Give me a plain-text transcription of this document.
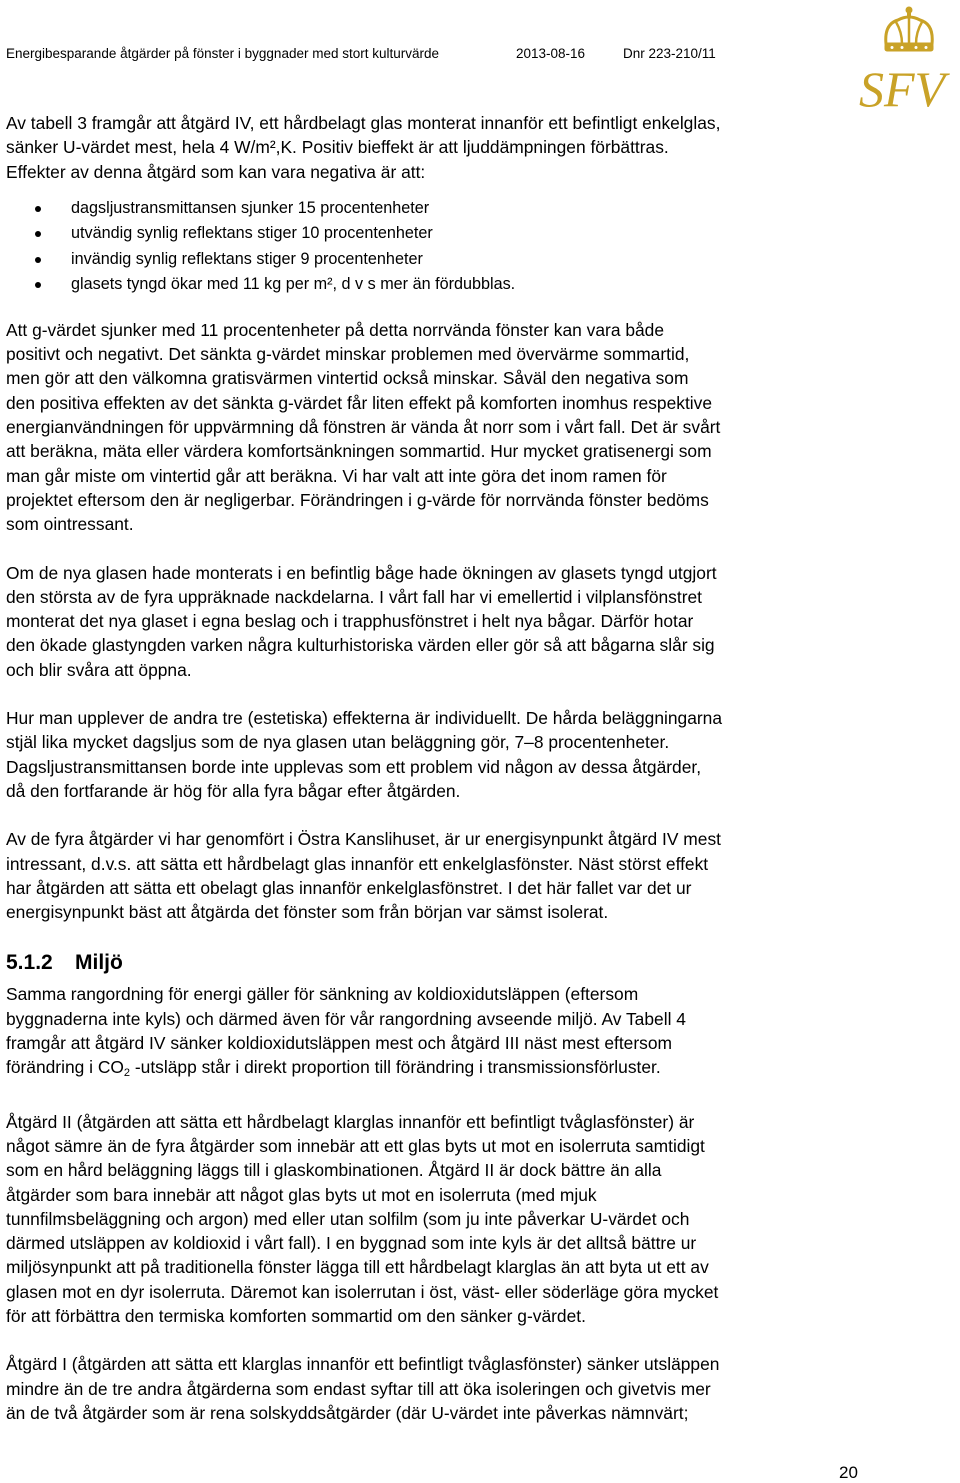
Energibesparande åtgärder på fönster i byggnader med stort kulturvärde	2013-08-16	Dnr 223-210/11
SFV

Av tabell 3 framgår att åtgärd IV, ett hårdbelagt glas monterat innanför ett befintligt enkelglas,
sänker U-värdet mest, hela 4 W/m²,K. Positiv bieffekt är att ljuddämpningen förbättras.
Effekter av denna åtgärd som kan vara negativa är att:

dagsljustransmittansen sjunker 15 procentenheter
utvändig synlig reflektans stiger 10 procentenheter
invändig synlig reflektans stiger 9 procentenheter
glasets tyngd ökar med 11 kg per m², d v s mer än fördubblas.

Att g-värdet sjunker med 11 procentenheter på detta norrvända fönster kan vara både
positivt och negativt. Det sänkta g-värdet minskar problemen med övervärme sommartid,
men gör att den välkomna gratisvärmen vintertid också minskar. Såväl den negativa som
den positiva effekten av det sänkta g-värdet får liten effekt på komforten inomhus respektive
energianvändningen för uppvärmning då fönstren är vända åt norr som i vårt fall. Det är svårt
att beräkna, mäta eller värdera komfortsänkningen sommartid. Hur mycket gratisenergi som
man går miste om vintertid går att beräkna. Vi har valt att inte göra det inom ramen för
projektet eftersom den är negligerbar. Förändringen i g-värde för norrvända fönster bedöms
som ointressant.

Om de nya glasen hade monterats i en befintlig båge hade ökningen av glasets tyngd utgjort
den största av de fyra uppräknade nackdelarna. I vårt fall har vi emellertid i vilplansfönstret
monterat det nya glaset i egna beslag och i trapphusfönstret i helt nya bågar. Därför hotar
den ökade glastyngden varken några kulturhistoriska värden eller gör så att bågarna slår sig
och blir svåra att öppna.

Hur man upplever de andra tre (estetiska) effekterna är individuellt. De hårda beläggningarna
stjäl lika mycket dagsljus som de nya glasen utan beläggning gör, 7–8 procentenheter.
Dagsljustransmittansen borde inte upplevas som ett problem vid någon av dessa åtgärder,
då den fortfarande är hög för alla fyra bågar efter åtgärden.

Av de fyra åtgärder vi har genomfört i Östra Kanslihuset, är ur energisynpunkt åtgärd IV mest
intressant, d.v.s. att sätta ett hårdbelagt glas innanför ett enkelglasfönster. Näst störst effekt
har åtgärden att sätta ett obelagt glas innanför enkelglasfönstret. I det här fallet var det ur
energisynpunkt bäst att åtgärda det fönster som från början var sämst isolerat.

5.1.2 Miljö

Samma rangordning för energi gäller för sänkning av koldioxidutsläppen (eftersom
byggnaderna inte kyls) och därmed även för vår rangordning avseende miljö. Av Tabell 4
framgår att åtgärd IV sänker koldioxidutsläppen mest och åtgärd III näst mest eftersom
förändring i $CO_2$ -utsläpp står i direkt proportion till förändring i transmissionsförluster.

Åtgärd II (åtgärden att sätta ett hårdbelagt klarglas innanför ett befintligt tvåglasfönster) är
något sämre än de fyra åtgärder som innebär att ett glas byts ut mot en isolerruta samtidigt
som en hård beläggning läggs till i glaskombinationen. Åtgärd II är dock bättre än alla
åtgärder som bara innebär att något glas byts ut mot en isolerruta (med mjuk
tunnfilmsbeläggning och argon) med eller utan solfilm (som ju inte påverkar U-värdet och
därmed utsläppen av koldioxid i vårt fall). I en byggnad som inte kyls är det alltså bättre ur
miljösynpunkt att på traditionella fönster lägga till ett hårdbelagt klarglas än att byta ut ett av
glasen mot en dyr isolerruta. Däremot kan isolerrutan i öst, väst- eller söderläge göra mycket
för att förbättra den termiska komforten sommartid om den sänker g-värdet.

Åtgärd I (åtgärden att sätta ett klarglas innanför ett befintligt tvåglasfönster) sänker utsläppen
mindre än de tre andra åtgärderna som endast syftar till att öka isoleringen och givetvis mer
än de två åtgärder som är rena solskyddsåtgärder (där U-värdet inte påverkas nämnvärt;

20
